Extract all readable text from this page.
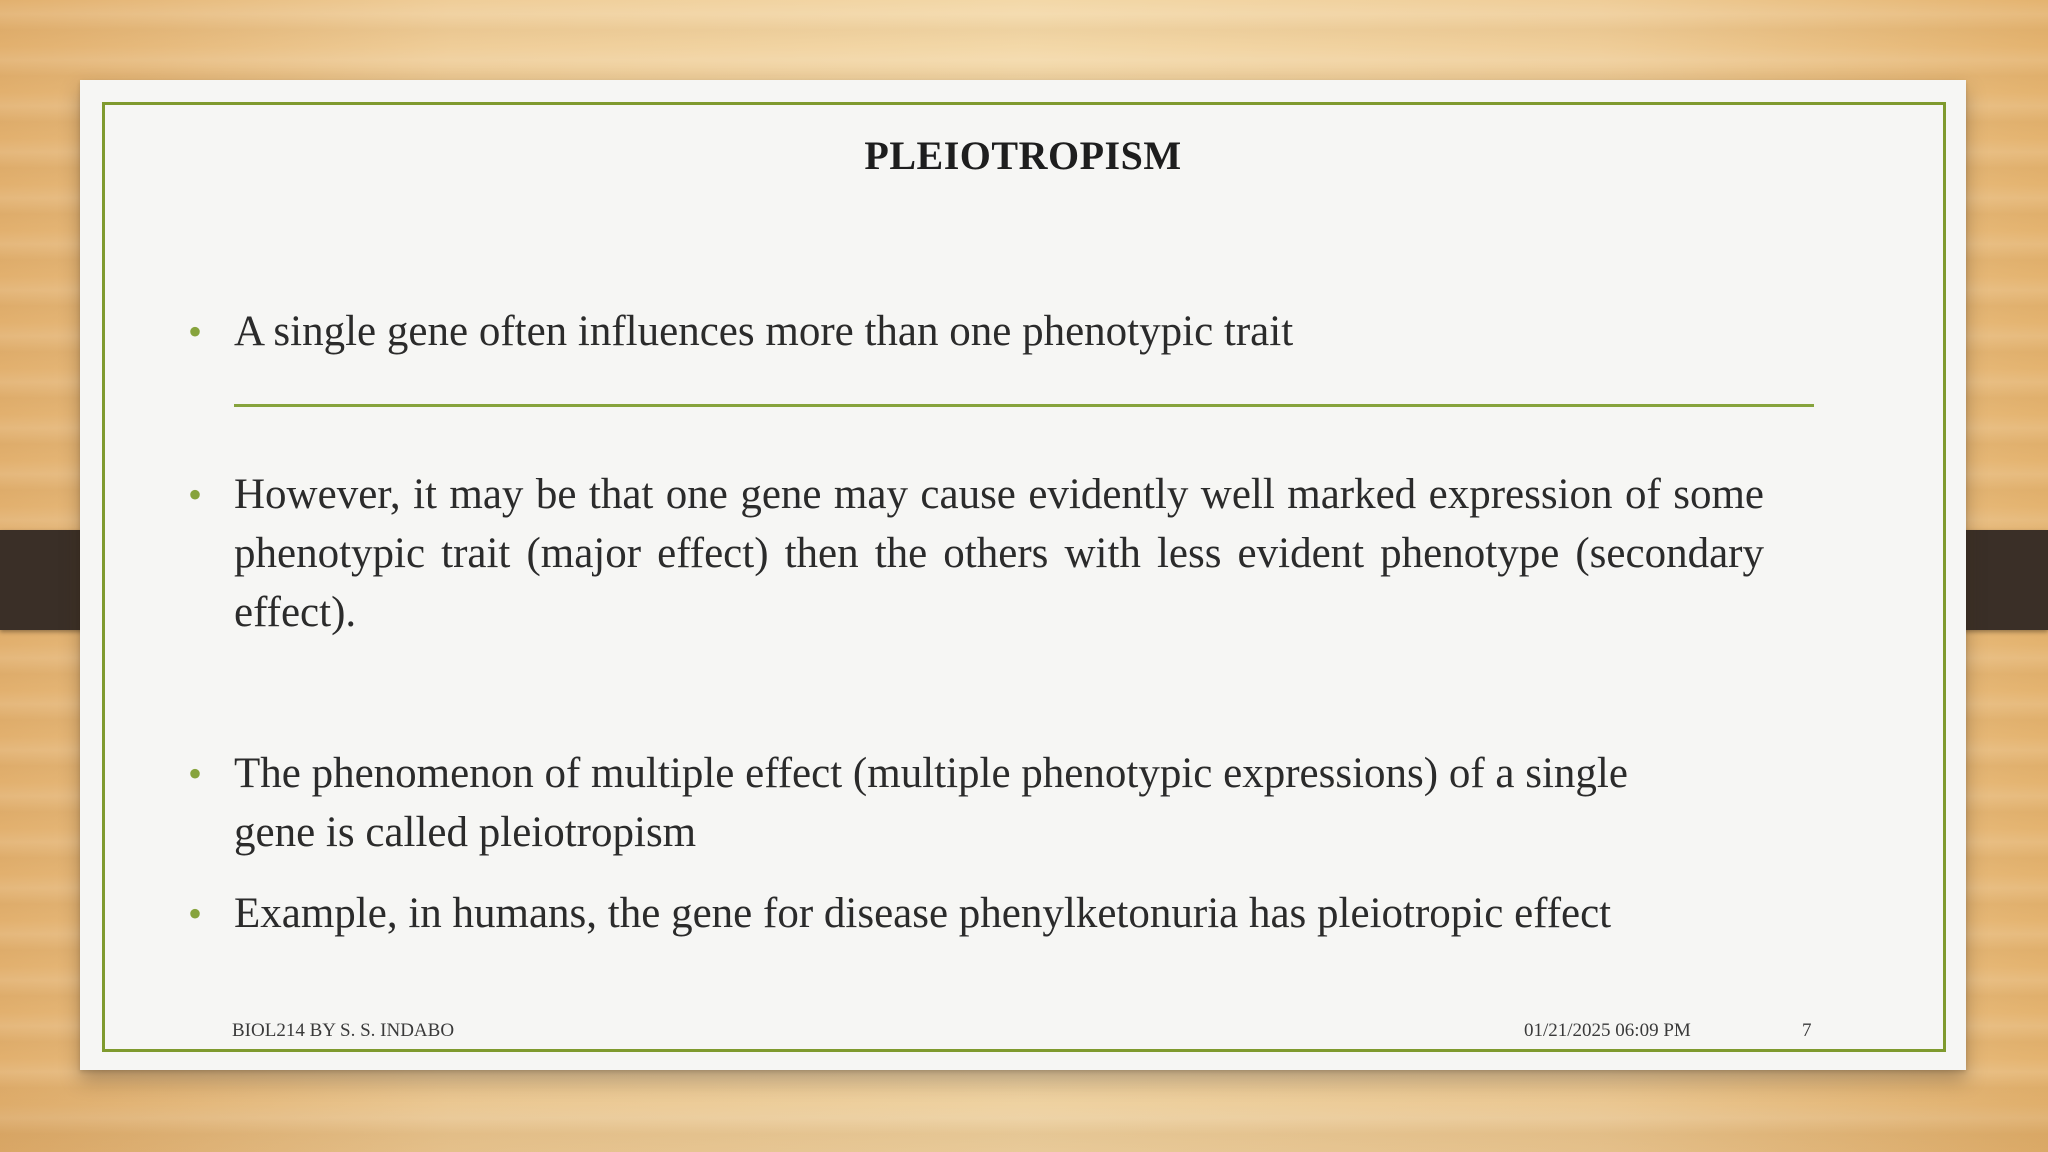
PLEIOTROPISM
• A single gene often influences more than one phenotypic trait
• However, it may be that one gene may cause evidently well marked expression of some phenotypic trait (major effect) then the others with less evident phenotype (secondary effect).
• The phenomenon of multiple effect (multiple phenotypic expressions) of a single gene is called pleiotropism
• Example, in humans, the gene for disease phenylketonuria has pleiotropic effect
BIOL214 BY S. S. INDABO	01/21/2025 06:09 PM	7
